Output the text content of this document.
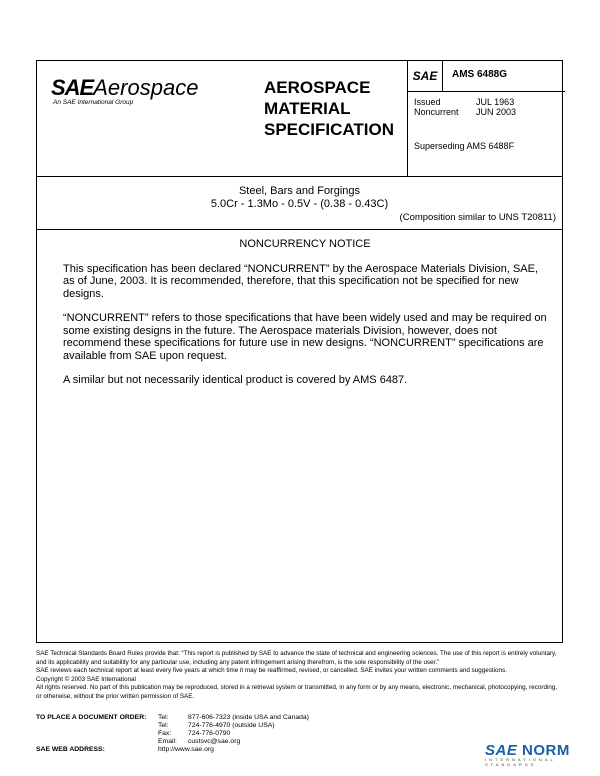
SAEAerospace
An SAE International Group
AEROSPACE
MATERIAL
SPECIFICATION
SAE	AMS 6488G
Issued	JUL 1963
Noncurrent	JUN 2003
Superseding AMS 6488F
Steel, Bars and Forgings
5.0Cr - 1.3Mo - 0.5V - (0.38 - 0.43C)
(Composition similar to UNS T20811)
NONCURRENCY NOTICE

This specification has been declared “NONCURRENT” by the Aerospace Materials Division, SAE, as of June, 2003. It is recommended, therefore, that this specification not be specified for new designs.

“NONCURRENT” refers to those specifications that have been widely used and may be required on some existing designs in the future. The Aerospace materials Division, however, does not recommend these specifications for future use in new designs. “NONCURRENT” specifications are available from SAE upon request.

A similar but not necessarily identical product is covered by AMS 6487.

SAE Technical Standards Board Rules provide that: “This report is published by SAE to advance the state of technical and engineering sciences. The use of this report is entirely voluntary, and its applicability and suitability for any particular use, including any patent infringement arising therefrom, is the sole responsibility of the user.”

SAE reviews each technical report at least every five years at which time it may be reaffirmed, revised, or cancelled. SAE invites your written comments and suggestions.

Copyright © 2003 SAE International

All rights reserved. No part of this publication may be reproduced, stored in a retrieval system or transmitted, in any form or by any means, electronic, mechanical, photocopying, recording, or otherwise, without the prior written permission of SAE.

TO PLACE A DOCUMENT ORDER:	Tel:	877-606-7323 (inside USA and Canada)
Tel:	724-776-4970 (outside USA)
Fax:	724-776-0790
Email:	custsvc@sae.org
SAE WEB ADDRESS:	http://www.sae.org	SAE NORM
INTERNATIONAL STANDARDS
